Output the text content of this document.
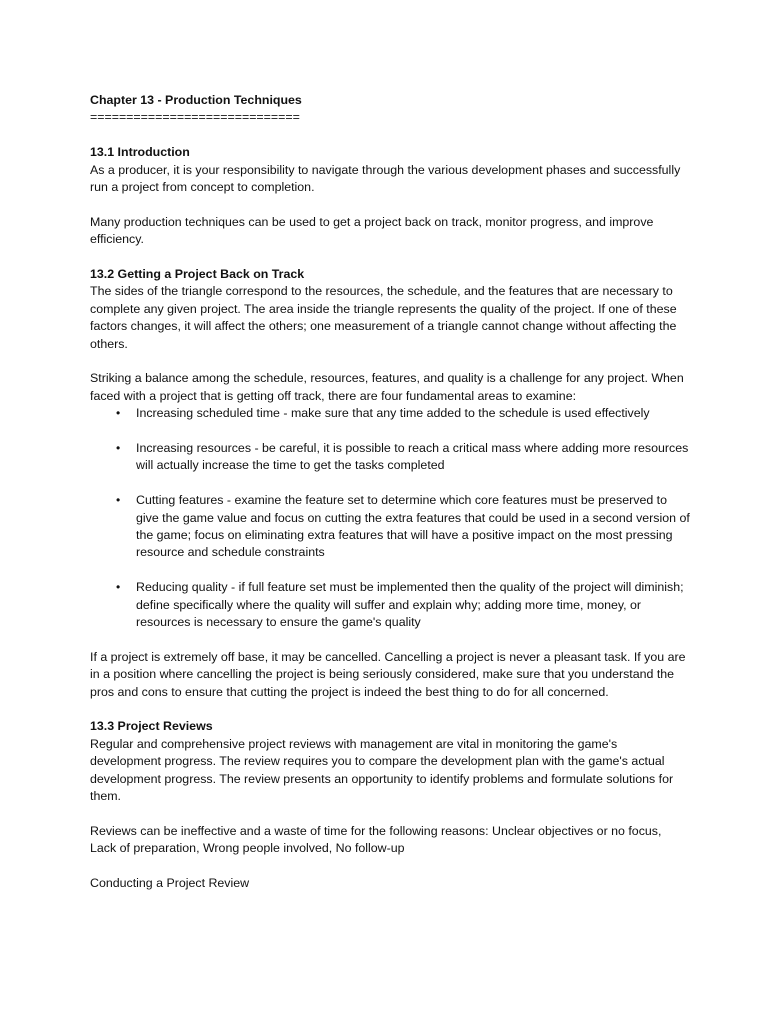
Chapter 13 - Production Techniques

=============================

13.1 Introduction

As a producer, it is your responsibility to navigate through the various development phases and successfully run a project from concept to completion.

Many production techniques can be used to get a project back on track, monitor progress, and improve efficiency.

13.2 Getting a Project Back on Track

The sides of the triangle correspond to the resources, the schedule, and the features that are necessary to complete any given project. The area inside the triangle represents the quality of the project. If one of these factors changes, it will affect the others; one measurement of a triangle cannot change without affecting the others.

Striking a balance among the schedule, resources, features, and quality is a challenge for any project. When faced with a project that is getting off track, there are four fundamental areas to examine:

• Increasing scheduled time - make sure that any time added to the schedule is used effectively
• Increasing resources - be careful, it is possible to reach a critical mass where adding more resources will actually increase the time to get the tasks completed
• Cutting features - examine the feature set to determine which core features must be preserved to give the game value and focus on cutting the extra features that could be used in a second version of the game; focus on eliminating extra features that will have a positive impact on the most pressing resource and schedule constraints
• Reducing quality - if full feature set must be implemented then the quality of the project will diminish; define specifically where the quality will suffer and explain why; adding more time, money, or resources is necessary to ensure the game's quality

If a project is extremely off base, it may be cancelled. Cancelling a project is never a pleasant task. If you are in a position where cancelling the project is being seriously considered, make sure that you understand the pros and cons to ensure that cutting the project is indeed the best thing to do for all concerned.

13.3 Project Reviews

Regular and comprehensive project reviews with management are vital in monitoring the game's development progress. The review requires you to compare the development plan with the game's actual development progress. The review presents an opportunity to identify problems and formulate solutions for them.

Reviews can be ineffective and a waste of time for the following reasons: Unclear objectives or no focus, Lack of preparation, Wrong people involved, No follow-up

Conducting a Project Review
